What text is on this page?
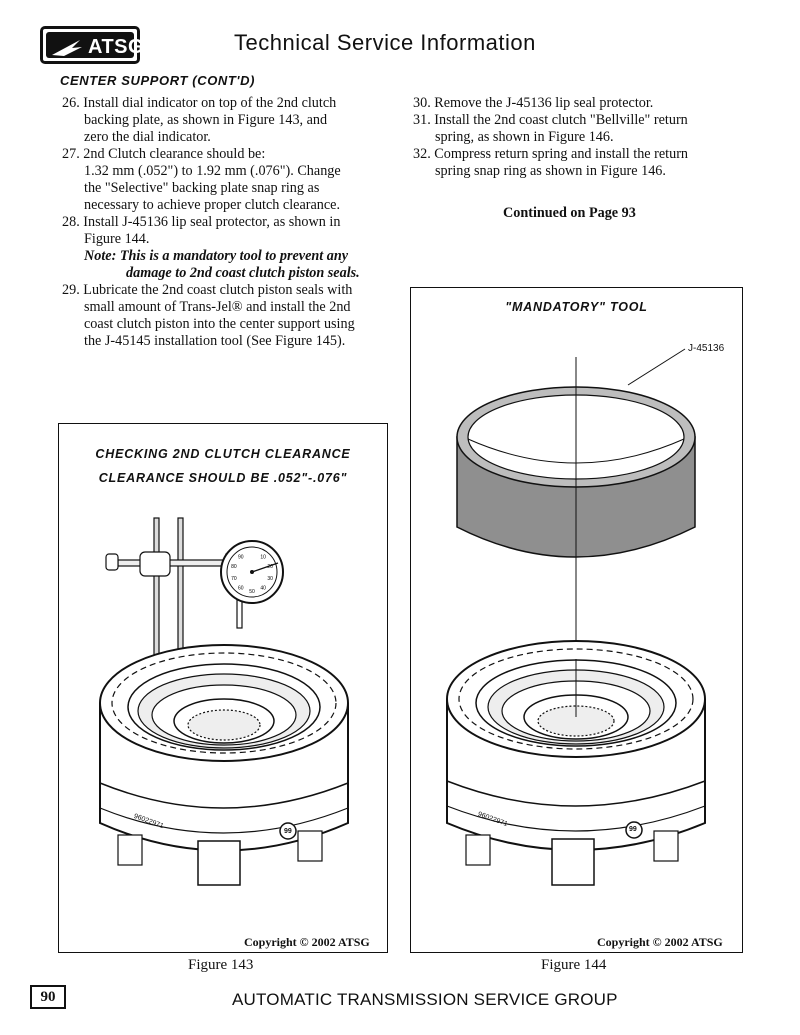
ATSG	Technical Service Information
CENTER SUPPORT (CONT'D)

26. Install dial indicator on top of the 2nd clutch

backing plate, as shown in Figure 143, and

zero the dial indicator.

27. 2nd Clutch clearance should be:

1.32 mm (.052") to 1.92 mm (.076"). Change

the "Selective" backing plate snap ring as

necessary to achieve proper clutch clearance.

28. Install J-45136 lip seal protector, as shown in

Figure 144.

Note: This is a mandatory tool to prevent any

damage to 2nd coast clutch piston seals.

29. Lubricate the 2nd coast clutch piston seals with

small amount of Trans-Jel® and install the 2nd

coast clutch piston into the center support using

the J-45145 installation tool (See Figure 145).

30. Remove the J-45136 lip seal protector.

31. Install the 2nd coast clutch "Bellville" return

spring, as shown in Figure 146.

32. Compress return spring and install the return

spring snap ring as shown in Figure 146.

Continued on Page 93
CHECKING 2ND CLUTCH CLEARANCE
CLEARANCE SHOULD BE .052"-.076"
10
20
30
40
50
60
70
80
90
96022971
99
Copyright © 2002 ATSG
Figure 143
"MANDATORY" TOOL
J-45136
96022971
99
Copyright © 2002 ATSG
Figure 144
90	AUTOMATIC TRANSMISSION SERVICE GROUP
